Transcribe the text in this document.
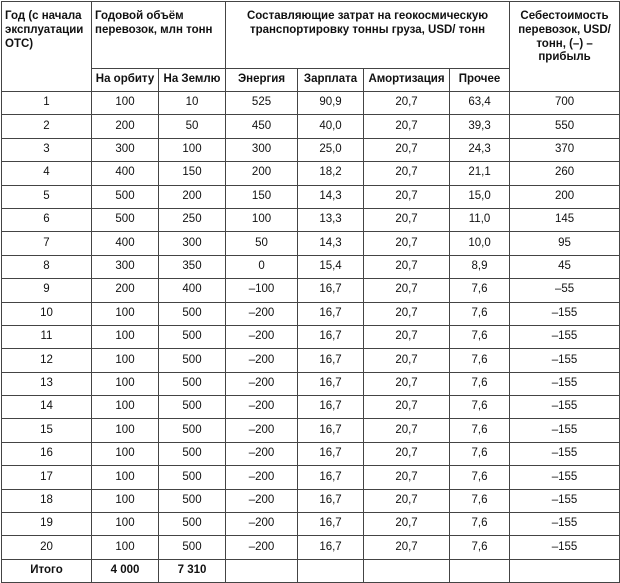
Год (с начала эксплуатации ОТС)	Годовой объём перевозок, млн тонн		Составляющие затрат на геокосмическую транспортировку тонны груза, USD/ тонн				Себестоимость перевозок, USD/тонн, (–) – прибыль
	На орбиту	На Землю	Энергия	Зарплата	Амортизация	Прочее	
1	100	10	525	90,9	20,7	63,4	700
2	200	50	450	40,0	20,7	39,3	550
3	300	100	300	25,0	20,7	24,3	370
4	400	150	200	18,2	20,7	21,1	260
5	500	200	150	14,3	20,7	15,0	200
6	500	250	100	13,3	20,7	11,0	145
7	400	300	50	14,3	20,7	10,0	95
8	300	350	0	15,4	20,7	8,9	45
9	200	400	–100	16,7	20,7	7,6	–55
10	100	500	–200	16,7	20,7	7,6	–155
11	100	500	–200	16,7	20,7	7,6	–155
12	100	500	–200	16,7	20,7	7,6	–155
13	100	500	–200	16,7	20,7	7,6	–155
14	100	500	–200	16,7	20,7	7,6	–155
15	100	500	–200	16,7	20,7	7,6	–155
16	100	500	–200	16,7	20,7	7,6	–155
17	100	500	–200	16,7	20,7	7,6	–155
18	100	500	–200	16,7	20,7	7,6	–155
19	100	500	–200	16,7	20,7	7,6	–155
20	100	500	–200	16,7	20,7	7,6	–155
Итого	4 000	7 310					
